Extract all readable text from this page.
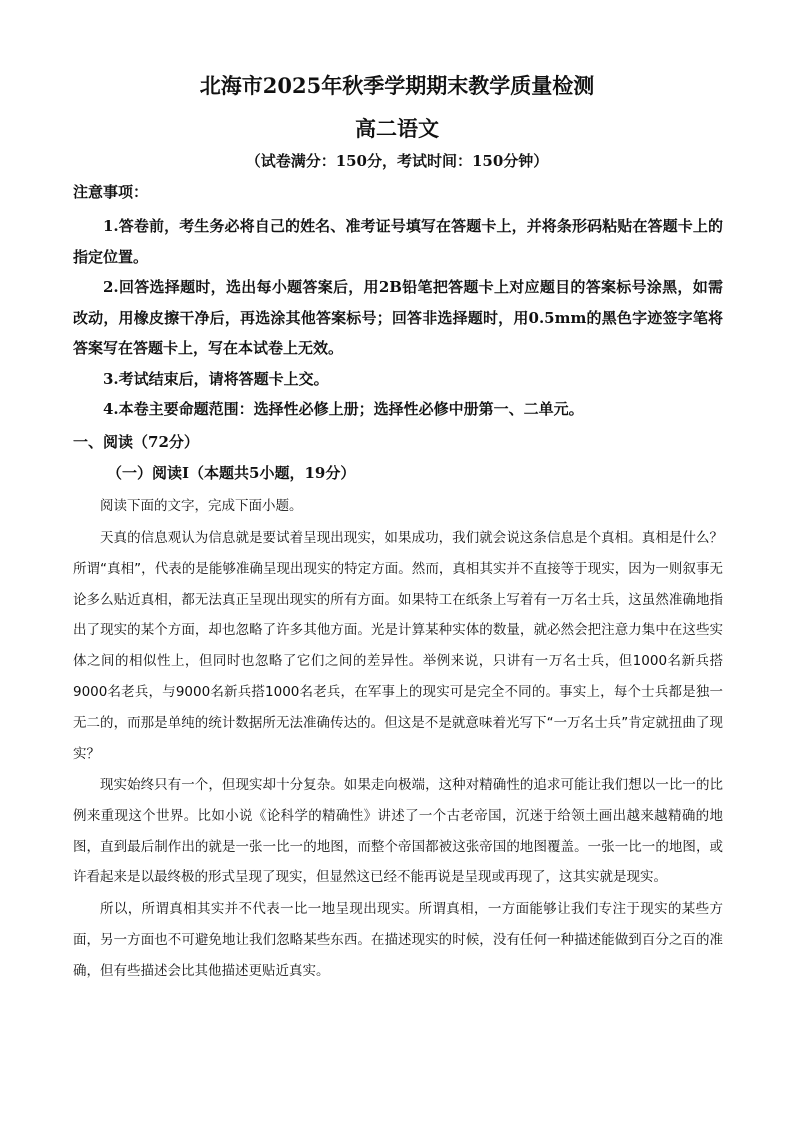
北海市2025年秋季学期期末教学质量检测
高二语文
（试卷满分：150分，考试时间：150分钟）
注意事项：

1.答卷前，考生务必将自己的姓名、准考证号填写在答题卡上，并将条形码粘贴在答题卡上的指定位置。

2.回答选择题时，选出每小题答案后，用2B铅笔把答题卡上对应题目的答案标号涂黑，如需改动，用橡皮擦干净后，再选涂其他答案标号；回答非选择题时，用0.5mm的黑色字迹签字笔将答案写在答题卡上，写在本试卷上无效。

3.考试结束后，请将答题卡上交。

4.本卷主要命题范围：选择性必修上册；选择性必修中册第一、二单元。

一、阅读（72分）
（一）阅读Ⅰ（本题共5小题，19分）
阅读下面的文字，完成下面小题。

天真的信息观认为信息就是要试着呈现出现实，如果成功，我们就会说这条信息是个真相。真相是什么？所谓“真相”，代表的是能够准确呈现出现实的特定方面。然而，真相其实并不直接等于现实，因为一则叙事无论多么贴近真相，都无法真正呈现出现实的所有方面。如果特工在纸条上写着有一万名士兵，这虽然准确地指出了现实的某个方面，却也忽略了许多其他方面。光是计算某种实体的数量，就必然会把注意力集中在这些实体之间的相似性上，但同时也忽略了它们之间的差异性。举例来说，只讲有一万名士兵，但1000名新兵搭9000名老兵，与9000名新兵搭1000名老兵，在军事上的现实可是完全不同的。事实上，每个士兵都是独一无二的，而那是单纯的统计数据所无法准确传达的。但这是不是就意味着光写下“一万名士兵”肯定就扭曲了现实？

现实始终只有一个，但现实却十分复杂。如果走向极端，这种对精确性的追求可能让我们想以一比一的比例来重现这个世界。比如小说《论科学的精确性》讲述了一个古老帝国，沉迷于给领土画出越来越精确的地图，直到最后制作出的就是一张一比一的地图，而整个帝国都被这张帝国的地图覆盖。一张一比一的地图，或许看起来是以最终极的形式呈现了现实，但显然这已经不能再说是呈现或再现了，这其实就是现实。

所以，所谓真相其实并不代表一比一地呈现出现实。所谓真相，一方面能够让我们专注于现实的某些方面，另一方面也不可避免地让我们忽略某些东西。在描述现实的时候，没有任何一种描述能做到百分之百的准确，但有些描述会比其他描述更贴近真实。
